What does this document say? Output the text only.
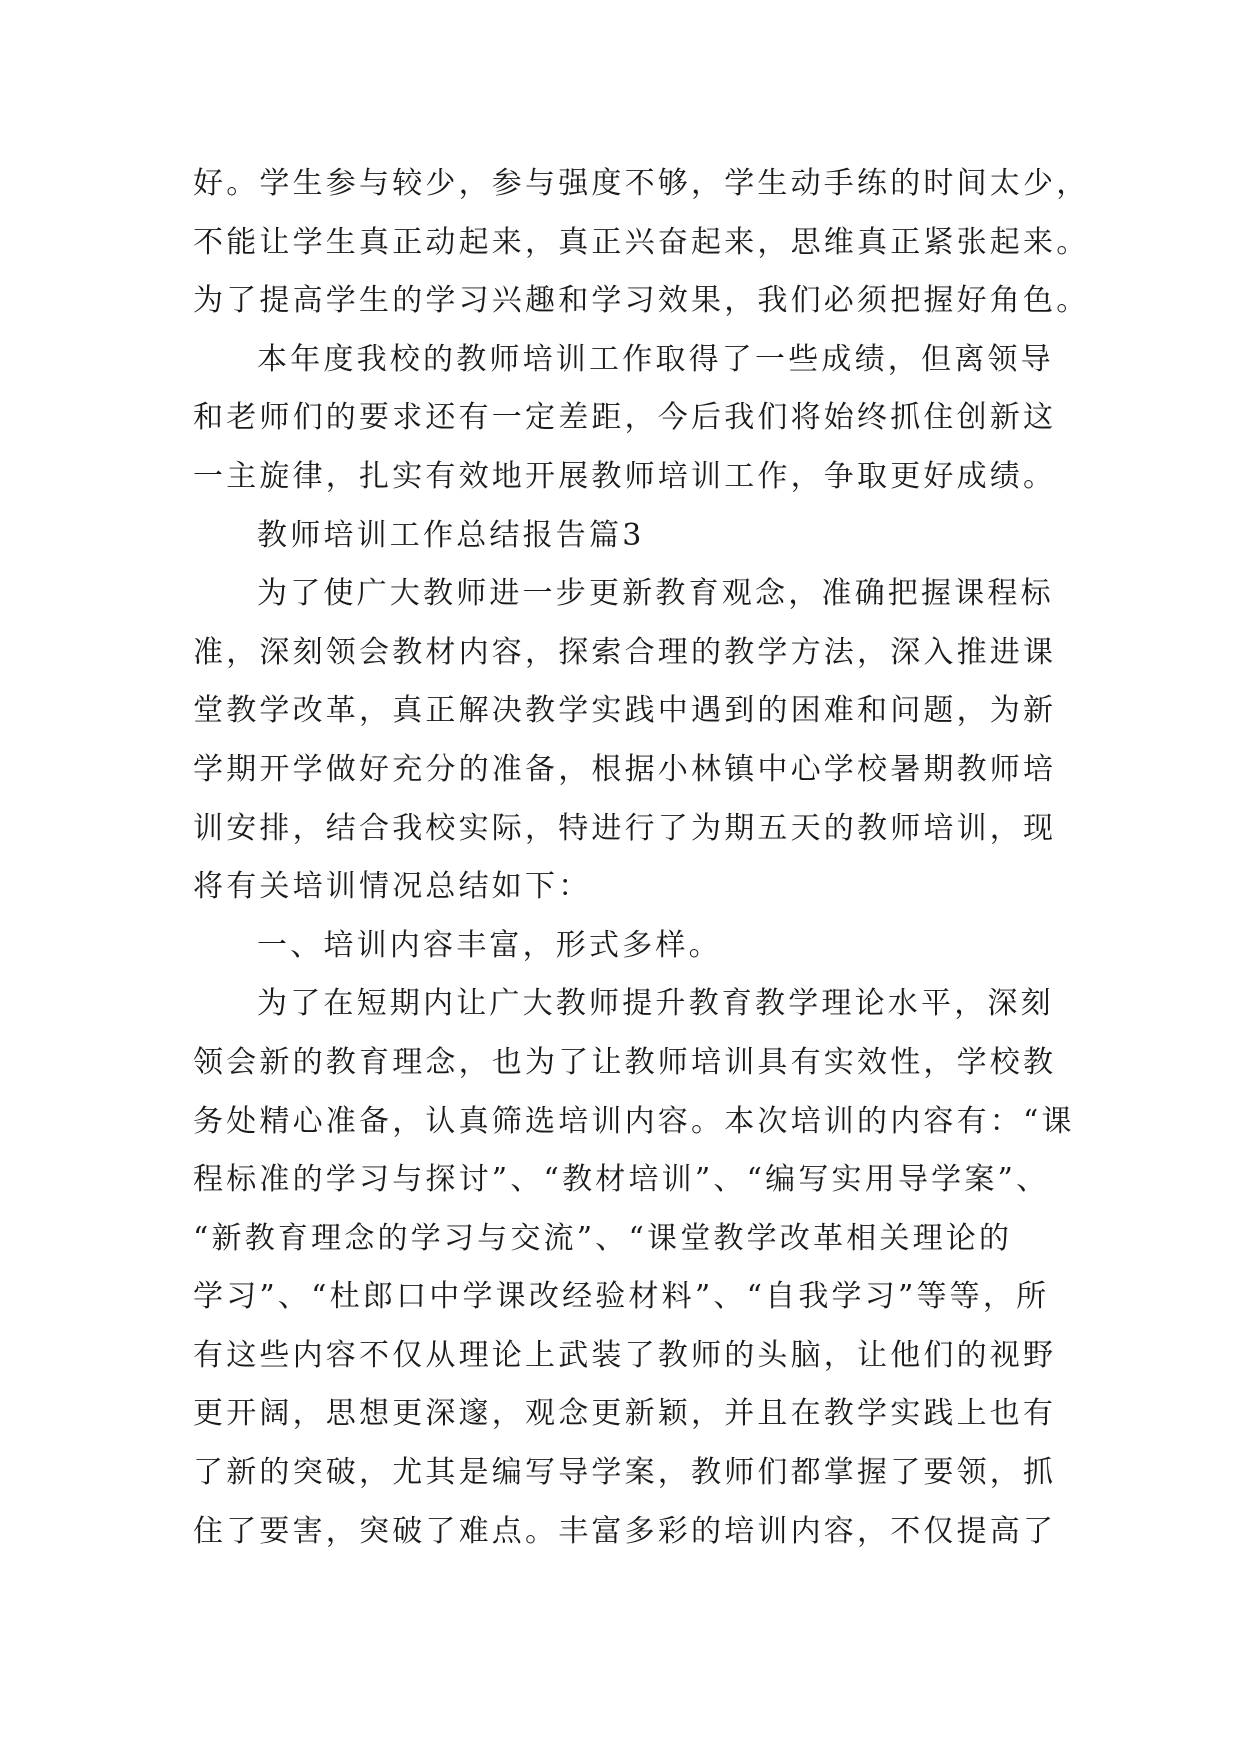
好。学生参与较少，参与强度不够，学生动手练的时间太少，
不能让学生真正动起来，真正兴奋起来，思维真正紧张起来。
为了提高学生的学习兴趣和学习效果，我们必须把握好角色。
本年度我校的教师培训工作取得了一些成绩，但离领导
和老师们的要求还有一定差距，今后我们将始终抓住创新这
一主旋律，扎实有效地开展教师培训工作，争取更好成绩。
教师培训工作总结报告篇3
为了使广大教师进一步更新教育观念，准确把握课程标
准，深刻领会教材内容，探索合理的教学方法，深入推进课
堂教学改革，真正解决教学实践中遇到的困难和问题，为新
学期开学做好充分的准备，根据小林镇中心学校暑期教师培
训安排，结合我校实际，特进行了为期五天的教师培训，现
将有关培训情况总结如下：
一、培训内容丰富，形式多样。
为了在短期内让广大教师提升教育教学理论水平，深刻
领会新的教育理念，也为了让教师培训具有实效性，学校教
务处精心准备，认真筛选培训内容。本次培训的内容有：“课
程标准的学习与探讨”、“教材培训”、“编写实用导学案”、
“新教育理念的学习与交流”、“课堂教学改革相关理论的
学习”、“杜郎口中学课改经验材料”、“自我学习”等等，所
有这些内容不仅从理论上武装了教师的头脑，让他们的视野
更开阔，思想更深邃，观念更新颖，并且在教学实践上也有
了新的突破，尤其是编写导学案，教师们都掌握了要领，抓
住了要害，突破了难点。丰富多彩的培训内容，不仅提高了
